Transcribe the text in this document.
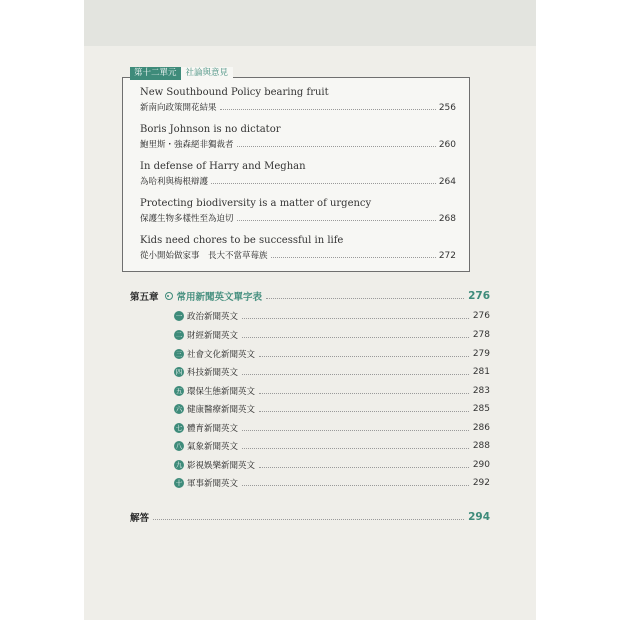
第十二單元	社論與意見
New Southbound Policy bearing fruit
新南向政策開花結果	256
Boris Johnson is no dictator
鮑里斯・強森絕非獨裁者	260
In defense of Harry and Meghan
為哈利與梅根辯護	264
Protecting biodiversity is a matter of urgency
保護生物多樣性至為迫切	268
Kids need chores to be successful in life
從小開始做家事　長大不當草莓族	272
第五章 常用新聞英文單字表	276
一 政治新聞英文	276
二 財經新聞英文	278
三 社會文化新聞英文	279
四 科技新聞英文	281
五 環保生態新聞英文	283
六 健康醫療新聞英文	285
七 體育新聞英文	286
八 氣象新聞英文	288
九 影視娛樂新聞英文	290
十 軍事新聞英文	292
解答	294
